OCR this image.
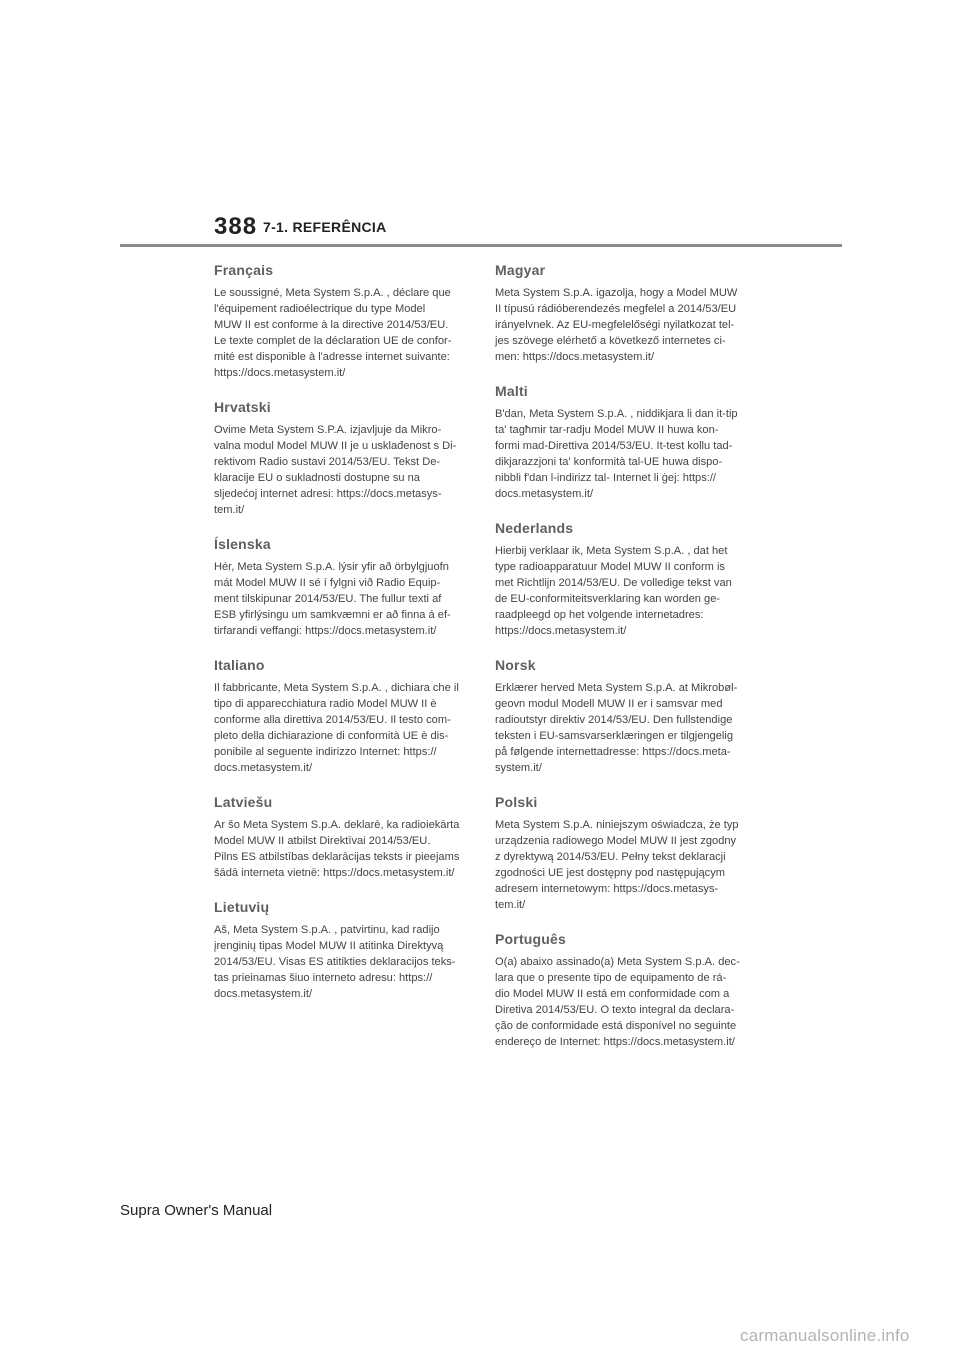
388 7-1. REFERÊNCIA
Français

Le soussigné, Meta System S.p.A. , déclare que
l'équipement radioélectrique du type Model
MUW II est conforme à la directive 2014/53/EU.
Le texte complet de la déclaration UE de confor-
mité est disponible à l'adresse internet suivante:
https://docs.metasystem.it/

Hrvatski

Ovime Meta System S.P.A. izjavljuje da Mikro-
valna modul Model MUW II je u usklađenost s Di-
rektivom Radio sustavi 2014/53/EU. Tekst De-
klaracije EU o sukladnosti dostupne su na
sljedećoj internet adresi: https://docs.metasys-
tem.it/

Íslenska

Hér, Meta System S.p.A. lýsir yfir að örbylgjuofn
mát Model MUW II sé í fylgni við Radio Equip-
ment tilskipunar 2014/53/EU. The fullur texti af
ESB yfirlýsingu um samkvæmni er að finna á ef-
tirfarandi veffangi: https://docs.metasystem.it/

Italiano

Il fabbricante, Meta System S.p.A. , dichiara che il
tipo di apparecchiatura radio Model MUW II è
conforme alla direttiva 2014/53/EU. Il testo com-
pleto della dichiarazione di conformità UE è dis-
ponibile al seguente indirizzo Internet: https://
docs.metasystem.it/

Latviešu

Ar šo Meta System S.p.A. deklarē, ka radioiekārta
Model MUW II atbilst Direktīvai 2014/53/EU.
Pilns ES atbilstības deklarācijas teksts ir pieejams
šādā interneta vietnē: https://docs.metasystem.it/

Lietuvių

Aš, Meta System S.p.A. , patvirtinu, kad radijo
įrenginių tipas Model MUW II atitinka Direktyvą
2014/53/EU. Visas ES atitikties deklaracijos teks-
tas prieinamas šiuo interneto adresu: https://
docs.metasystem.it/

Magyar

Meta System S.p.A. igazolja, hogy a Model MUW
II típusú rádióberendezés megfelel a 2014/53/EU
irányelvnek. Az EU-megfelelőségi nyilatkozat tel-
jes szövege elérhető a következő internetes ci-
men: https://docs.metasystem.it/

Malti

B'dan, Meta System S.p.A. , niddikjara li dan it-tip
ta' tagħmir tar-radju Model MUW II huwa kon-
formi mad-Direttiva 2014/53/EU. It-test kollu tad-
dikjarazzjoni ta' konformità tal-UE huwa dispo-
nibbli f'dan l-indirizz tal- Internet li ġej: https://
docs.metasystem.it/

Nederlands

Hierbij verklaar ik, Meta System S.p.A. , dat het
type radioapparatuur Model MUW II conform is
met Richtlijn 2014/53/EU. De volledige tekst van
de EU-conformiteitsverklaring kan worden ge-
raadpleegd op het volgende internetadres:
https://docs.metasystem.it/

Norsk

Erklærer herved Meta System S.p.A. at Mikrobøl-
geovn modul Modell MUW II er i samsvar med
radioutstyr direktiv 2014/53/EU. Den fullstendige
teksten i EU-samsvarserklæringen er tilgjengelig
på følgende internettadresse: https://docs.meta-
system.it/

Polski

Meta System S.p.A. niniejszym oświadcza, że typ
urządzenia radiowego Model MUW II jest zgodny
z dyrektywą 2014/53/EU. Pełny tekst deklaracji
zgodności UE jest dostępny pod następującym
adresem internetowym: https://docs.metasys-
tem.it/

Português

O(a) abaixo assinado(a) Meta System S.p.A. dec-
lara que o presente tipo de equipamento de rá-
dio Model MUW II está em conformidade com a
Diretiva 2014/53/EU. O texto integral da declara-
ção de conformidade está disponível no seguinte
endereço de Internet: https://docs.metasystem.it/

Supra Owner's Manual
carmanualsonline.info
